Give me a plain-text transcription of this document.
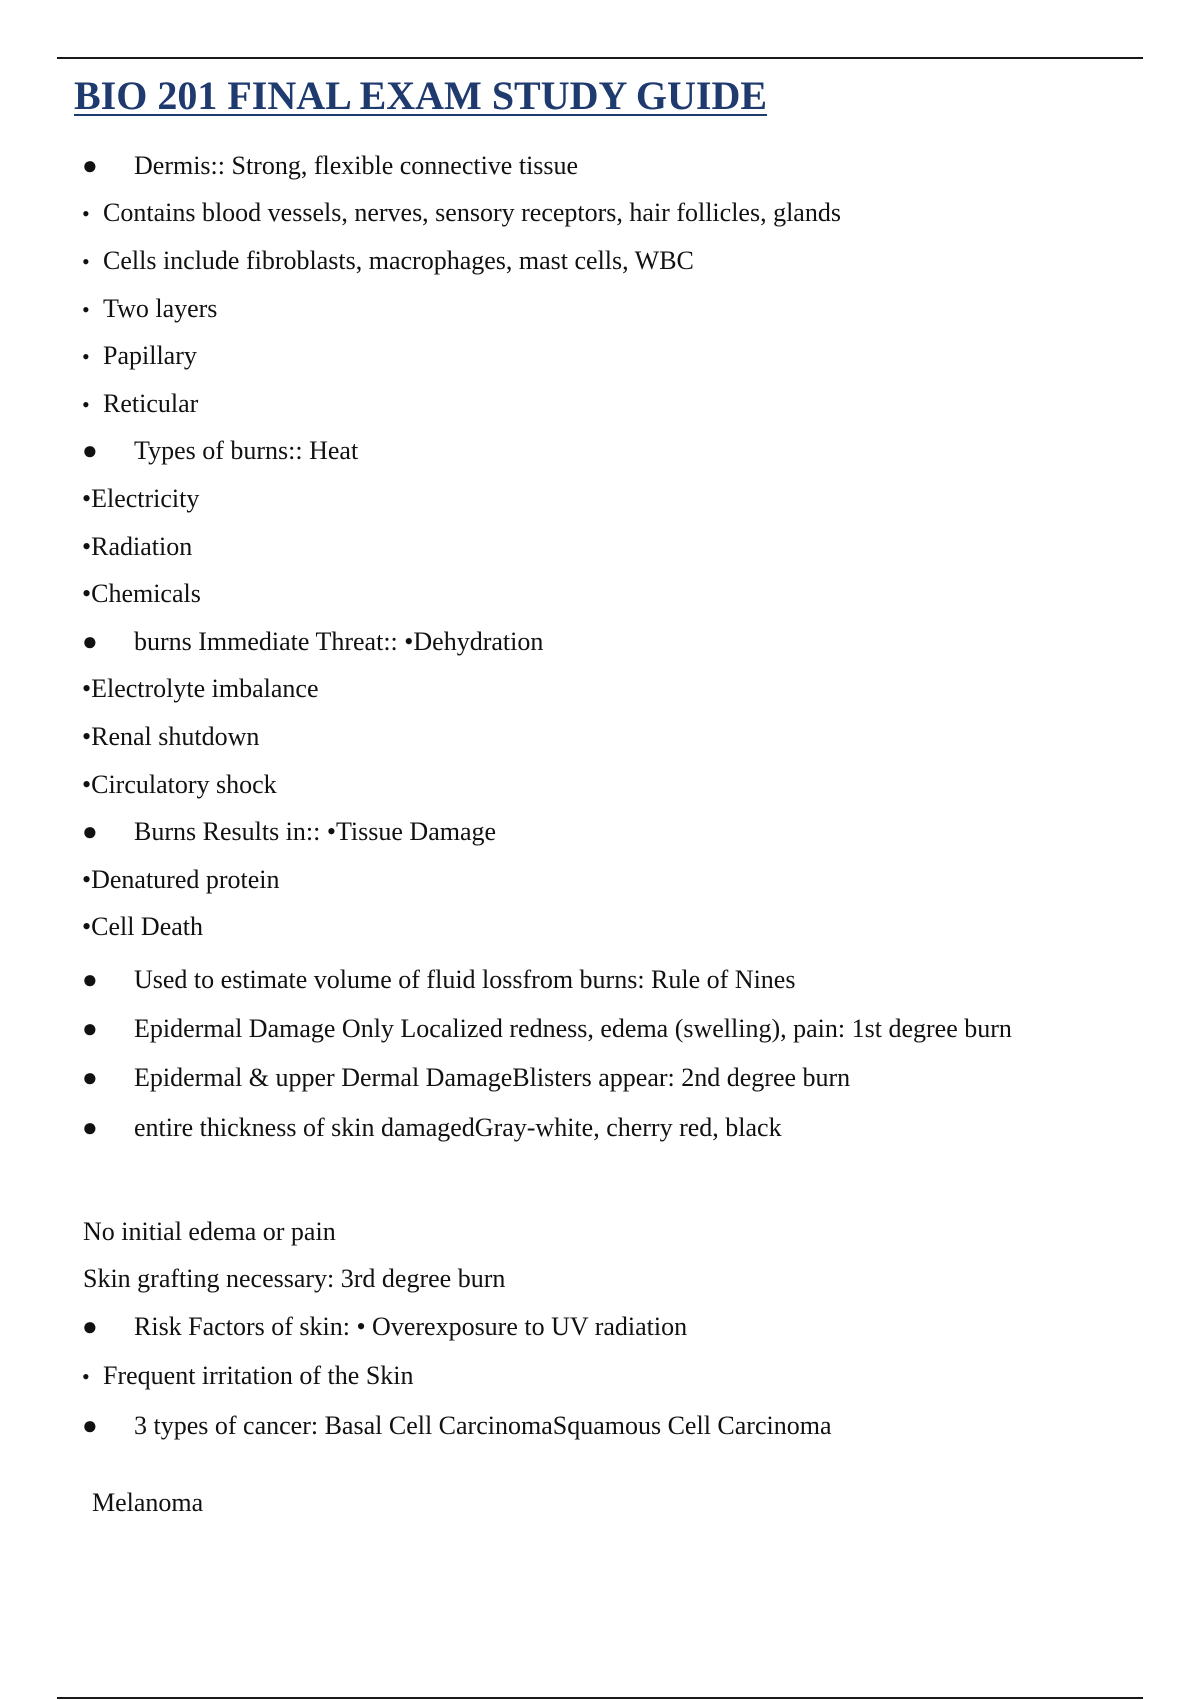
BIO 201 FINAL EXAM STUDY GUIDE
● Dermis:: Strong, flexible connective tissue
• Contains blood vessels, nerves, sensory receptors, hair follicles, glands
• Cells include fibroblasts, macrophages, mast cells, WBC
• Two layers
• Papillary
• Reticular
● Types of burns:: Heat
•Electricity
•Radiation
•Chemicals
● burns Immediate Threat:: •Dehydration
•Electrolyte imbalance
•Renal shutdown
•Circulatory shock
● Burns Results in:: •Tissue Damage
•Denatured protein
•Cell Death
● Used to estimate volume of fluid lossfrom burns: Rule of Nines
● Epidermal Damage Only Localized redness, edema (swelling), pain: 1st degree burn
● Epidermal & upper Dermal DamageBlisters appear: 2nd degree burn
● entire thickness of skin damagedGray-white, cherry red, black
No initial edema or pain
Skin grafting necessary: 3rd degree burn
● Risk Factors of skin: • Overexposure to UV radiation
• Frequent irritation of the Skin
● 3 types of cancer: Basal Cell CarcinomaSquamous Cell Carcinoma
Melanoma
